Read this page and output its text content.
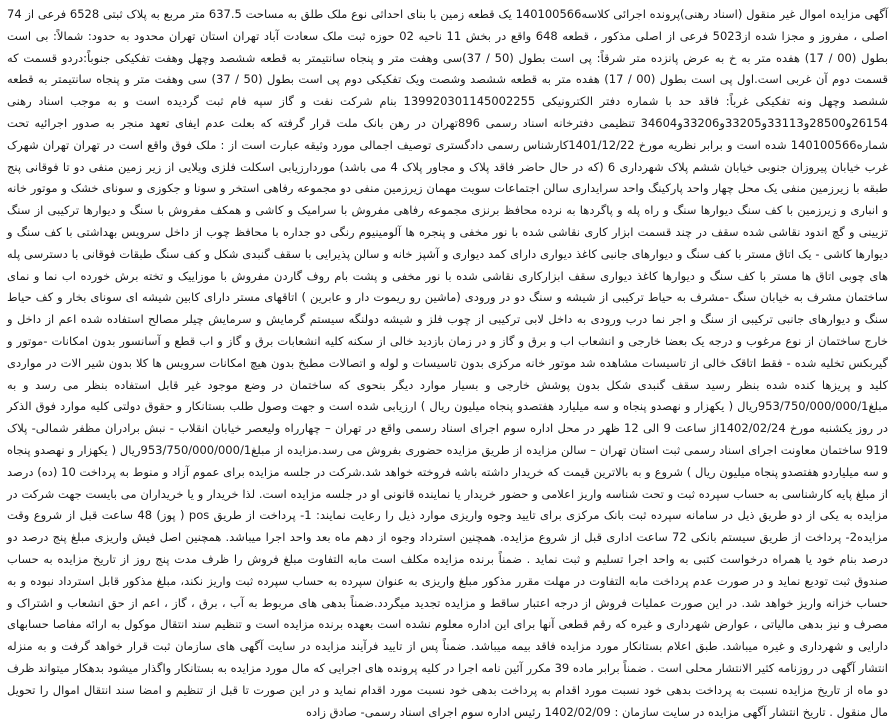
آگهی مزایده اموال غیر منقول (اسناد رهنی)پرونده اجرائی کلاسه140100566 یک قطعه زمین با بنای احداثی نوع ملک طلق به مساحت 637.5 متر مربع به پلاک ثبتی 6528 فرعی از 74 اصلی ، مفروز و مجزا شده از5023 فرعی از اصلی مذکور ، قطعه 648 واقع در بخش 11 ناحیه 02 حوزه ثبت ملک سعادت آباد تهران استان تهران محدود به حدود: شمالاً: بی است بطول (00 / 17) هفده متر به خ به عرض پانزده متر شرقاً: پی است بطول (50 / 37)سی وهفت متر و پنجاه سانتیمتر به قطعه ششصد وچهل وهفت تفکیکی جنوباً:دردو قسمت که قسمت دوم آن غربی است.اول پی است بطول (00 / 17) هفده متر به قطعه ششصد وشصت ویک تفکیکی دوم پی است بطول (50 / 37) سی وهفت متر و پنجاه سانتیمتر به قطعه ششصد وچهل ونه تفکیکی غرباً: فاقد حد با شماره دفتر الکترونیکی 139920301145002255 بنام شرکت نفت و گاز سپه فام ثبت گردیده است و به موجب اسناد رهنی 26154و28500و33113و33205و33206و34604 تنظیمی دفترخانه اسناد رسمی 896تهران در رهن بانک ملت قرار گرفته که بعلت عدم ایفای تعهد منجر به صدور اجرائیه تحت شماره140100566 شده است و برابر نظریه مورخ 1401/12/22کارشناس رسمی دادگستری توصیف اجمالی مورد وثیقه عبارت است از : ملک فوق واقع است در تهران تهران شهرک غرب خیابان پیروزان جنوبی خیابان ششم پلاک شهرداری 6 (که در حال حاضر فاقد پلاک و مجاور پلاک 4 می باشد) موردارزیابی اسکلت فلزی ویلایی از زیر زمین منفی دو تا فوقانی پنج طبقه با زیرزمین منفی یک محل چهار واحد پارکینگ واحد سرایداری سالن اجتماعات سویت مهمان زیرزمین منفی دو مجموعه رفاهی استخر و سونا و جکوزی و سونای خشک و موتور خانه و انباری و زیرزمین با کف سنگ دیوارها سنگ و راه پله و پاگردها به نرده محافظ برنزی مجموعه رفاهی مفروش با سرامیک و کاشی و همکف مفروش با سنگ و دیوارها ترکیبی از سنگ تزیینی و گچ اندود نقاشی شده سقف در چند قسمت ابزار کاری نقاشی شده با نور مخفی و پنجره ها آلومینیوم رنگی دو جداره با محافظ چوب از داخل سرویس بهداشتی با کف سنگ و دیوارها کاشی - یک اتاق مستر با کف سنگ و دیوارهای جانبی کاغذ دیواری دارای کمد دیواری و آشپز خانه و سالن پذیرایی با سقف گنبدی شکل و کف سنگ طبقات فوقانی با دسترسی پله های چوبی اتاق ها مستر با کف سنگ و دیوارها کاغذ دیواری سقف ابزارکاری نقاشی شده با نور مخفی و پشت بام روف گاردن مفروش با موزاییک و تخته برش خورده اب نما و نمای ساختمان مشرف به خیابان سنگ -مشرف به حیاط ترکیبی از شیشه و سنگ دو در ورودی (ماشین رو ریموت دار و عابرین ) اتاقهای مستر دارای کابین شیشه ای سونای بخار و کف حیاط سنگ و دیوارهای جانبی ترکیبی از سنگ و اجر نما درب ورودی به داخل لابی ترکیبی از چوب فلز و شیشه دولنگه سیستم گرمایش و سرمایش چیلر مصالح استفاده شده اعم از داخل و خارج ساختمان از نوع مرغوب و درجه یک بعضا خارجی و انشعاب اب و برق و گاز و در زمان بازدید خالی از سکنه کلیه انشعابات برق و گاز و اب قطع و آسانسور بدون امکانات -موتور و گیربکس تخلیه شده - فقط اتاقک خالی از تاسیسات مشاهده شد موتور خانه مرکزی بدون تاسیسات و لوله و اتصالات مطبخ بدون هیچ امکانات سرویس ها کلا بدون شیر الات در مواردی کلید و پریزها کنده شده بنظر رسید سقف گنبدی شکل بدون پوشش خارجی و بسیار موارد دیگر بنحوی که ساختمان در وضع موجود غیر قابل استفاده بنظر می رسد و به مبلغ953/750/000/000/1ریال ( یکهزار و نهصدو پنجاه و سه میلیارد هفتصدو پنجاه میلیون ریال ) ارزیابی شده است و جهت وصول طلب بستانکار و حقوق دولتی کلیه موارد فوق الذکر در روز یکشنبه مورخ 1402/02/24از ساعت 9 الی 12 ظهر در محل اداره سوم اجرای اسناد رسمی واقع در تهران – چهارراه ولیعصر خیابان انقلاب - نبش برادران مظفر شمالی- پلاک 919 ساختمان معاونت اجرای اسناد رسمی ثبت استان تهران – سالن مزایده از طریق مزایده حضوری بفروش می رسد.مزایده از مبلغ953/750/000/000/1ریال ( یکهزار و نهصدو پنجاه و سه میلیاردو هفتصدو پنجاه میلیون ریال ) شروع و به بالاترین قیمت که خریدار داشته باشه فروخته خواهد شد.شرکت در جلسه مزایده برای عموم آزاد و منوط به پرداخت 10 (ده) درصد از مبلغ پایه کارشناسی به حساب سپرده ثبت و تحت شناسه واریز اعلامی و حضور خریدار یا نماینده قانونی او در جلسه مزایده است. لذا خریدار و یا خریداران می بایست جهت شرکت در مزایده به یکی از دو طریق ذیل در سامانه سپرده ثبت بانک مرکزی برای تایید وجوه واریزی موارد ذیل را رعایت نمایند: 1- پرداخت از طریق pos ( پوز) 48 ساعت قبل از شروع وقت مزایده2- پرداخت از طریق سیستم بانکی 72 ساعت اداری قبل از شروع مزایده. همچنین استرداد وجوه از دهم ماه بعد واحد اجرا میباشد. همچنین اصل فیش واریزی مبلغ پنج درصد دو درصد بنام خود یا همراه درخواست کتبی به واحد اجرا تسلیم و ثبت نماید . ضمناً برنده مزایده مکلف است مابه التفاوت مبلغ فروش را ظرف مدت پنج روز از تاریخ مزایده به حساب صندوق ثبت تودیع نماید و در صورت عدم پرداخت مابه التفاوت در مهلت مقرر مذکور مبلغ واریزی به عنوان سپرده به حساب سپرده ثبت واریز نکند، مبلغ مذکور قابل استرداد نبوده و به حساب خزانه واریز خواهد شد. در این صورت عملیات فروش از درجه اعتبار ساقط و مزایده تجدید میگردد.ضمناً بدهی های مربوط به آب ، برق ، گاز ، اعم از حق انشعاب و اشتراک و مصرف و نیز بدهی مالیاتی ، عوارض شهرداری و غیره که رقم قطعی آنها برای این اداره معلوم نشده است بعهده برنده مزایده است و تنظیم سند انتقال موکول به ارائه مفاصا حسابهای دارایی و شهرداری و غیره میباشد. طبق اعلام بستانکار مورد مزایده فاقد بیمه میباشد. ضمناً پس از تایید فرآیند مزایده در سایت آگهی های سازمان ثبت قرار خواهد گرفت و به منزله انتشار آگهی در روزنامه کثیر الانتشار محلی است . ضمناً برابر ماده 39 مکرر آئین نامه اجرا در کلیه پرونده های اجرایی که مال مورد مزایده به بستانکار واگذار میشود بدهکار میتواند ظرف دو ماه از تاریخ مزایده نسبت به پرداخت بدهی خود نسبت مورد اقدام به پرداخت بدهی خود نسبت مورد اقدام نماید و در این صورت تا قبل از تنظیم و امضا سند انتقال اموال را تحویل مال منقول . تاریخ انتشار آگهی مزایده در سایت سازمان : 1402/02/09 رئیس اداره سوم اجرای اسناد رسمی- صادق زاده
